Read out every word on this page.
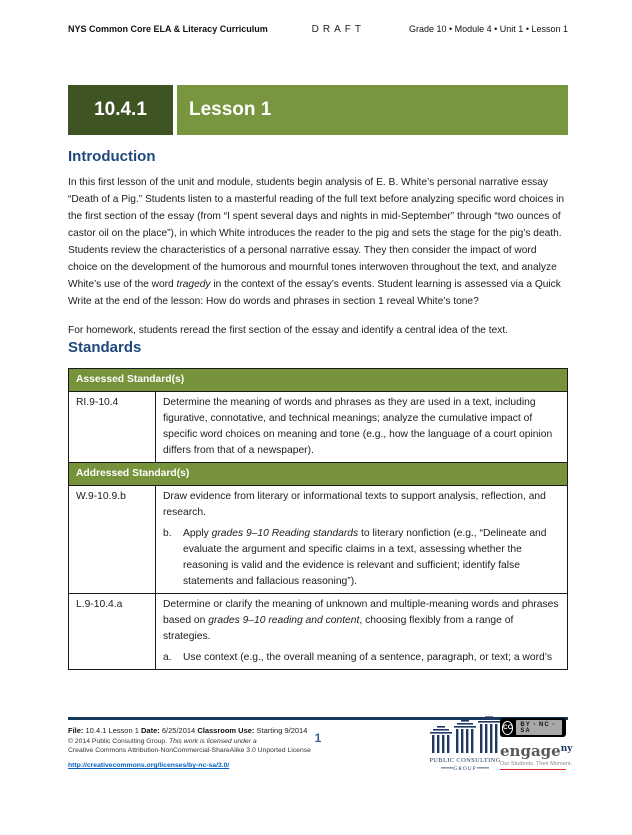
NYS Common Core ELA & Literacy Curriculum	DRAFT	Grade 10 • Module 4 • Unit 1 • Lesson 1
10.4.1	Lesson 1
Introduction

In this first lesson of the unit and module, students begin analysis of E. B. White’s personal narrative essay “Death of a Pig.” Students listen to a masterful reading of the full text before analyzing specific word choices in the first section of the essay (from “I spent several days and nights in mid-September” through “two ounces of castor oil on the place”), in which White introduces the reader to the pig and sets the stage for the pig’s death. Students review the characteristics of a personal narrative essay. They then consider the impact of word choice on the development of the humorous and mournful tones interwoven throughout the text, and analyze White’s use of the word tragedy in the context of the essay’s events. Student learning is assessed via a Quick Write at the end of the lesson: How do words and phrases in section 1 reveal White’s tone?

For homework, students reread the first section of the essay and identify a central idea of the text.

Standards
Assessed Standard(s)	
RI.9-10.4	Determine the meaning of words and phrases as they are used in a text, including figurative, connotative, and technical meanings; analyze the cumulative impact of specific word choices on meaning and tone (e.g., how the language of a court opinion differs from that of a newspaper).
Addressed Standard(s)	
W.9-10.9.b	Draw evidence from literary or informational texts to support analysis, reflection, and research.
b. Apply grades 9–10 Reading standards to literary nonfiction (e.g., “Delineate and evaluate the argument and specific claims in a text, assessing whether the reasoning is valid and the evidence is relevant and sufficient; identify false statements and fallacious reasoning”).

L.9-10.4.a	Determine or clarify the meaning of unknown and multiple-meaning words and phrases based on grades 9–10 reading and content, choosing flexibly from a range of strategies.
a. Use context (e.g., the overall meaning of a sentence, paragraph, or text; a word’s
File: 10.4.1 Lesson 1 Date: 6/25/2014 Classroom Use: Starting 9/2014
© 2014 Public Consulting Group. This work is licensed under a
Creative Commons Attribution-NonCommercial-ShareAlike 3.0 Unported License
http://creativecommons.org/licenses/by-nc-sa/3.0/
1
PUBLIC CONSULTING
GROUP
CC	BY - NC - SA
engage$^{ny}$
Our Students. Their Moment.
